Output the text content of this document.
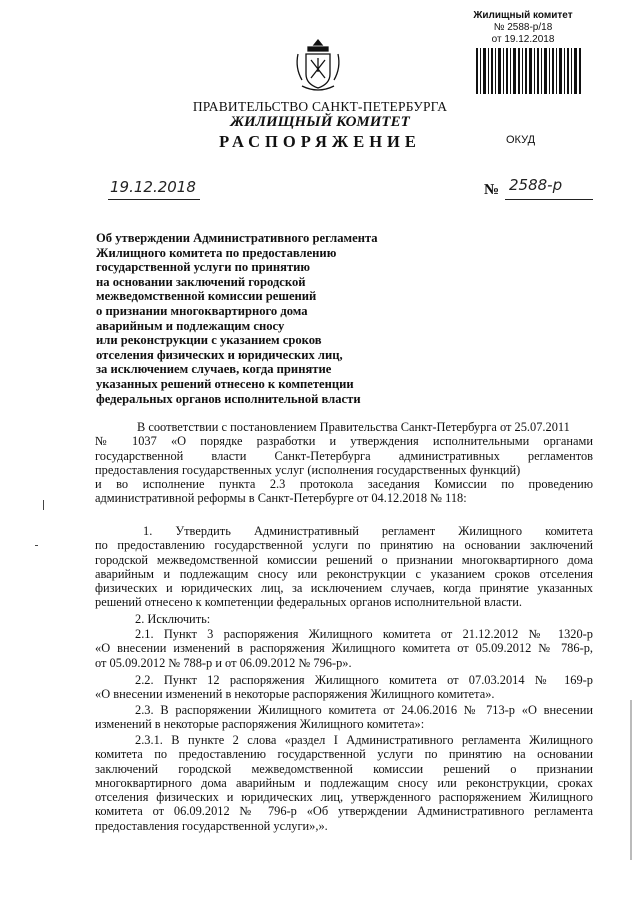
Жилищный комитет
№ 2588-р/18
от 19.12.2018
ПРАВИТЕЛЬСТВО САНКТ-ПЕТЕРБУРГА
ЖИЛИЩНЫЙ КОМИТЕТ
РАСПОРЯЖЕНИЕ	ОКУД
19.12.2018	№ 2588-р
Об утверждении Административного регламента
Жилищного комитета по предоставлению
государственной услуги по принятию
на основании заключений городской
межведомственной комиссии решений
о признании многоквартирного дома
аварийным и подлежащим сносу
или реконструкции с указанием сроков
отселения физических и юридических лиц,
за исключением случаев, когда принятие
указанных решений отнесено к компетенции
федеральных органов исполнительной власти
В соответствии с постановлением Правительства Санкт-Петербурга от 25.07.2011
№ 1037 «О порядке разработки и утверждения исполнительными органами
государственной власти Санкт-Петербурга административных регламентов
предоставления государственных услуг (исполнения государственных функций)
и во исполнение пункта 2.3 протокола заседания Комиссии по проведению
административной реформы в Санкт-Петербурге от 04.12.2018 № 118:
1. Утвердить Административный регламент Жилищного комитета
по предоставлению государственной услуги по принятию на основании заключений
городской межведомственной комиссии решений о признании многоквартирного дома
аварийным и подлежащим сносу или реконструкции с указанием сроков отселения
физических и юридических лиц, за исключением случаев, когда принятие указанных
решений отнесено к компетенции федеральных органов исполнительной власти.
2. Исключить:
2.1. Пункт 3 распоряжения Жилищного комитета от 21.12.2012 № 1320-р
«О внесении изменений в распоряжения Жилищного комитета от 05.09.2012 № 786-р,
от 05.09.2012 № 788-р и от 06.09.2012 № 796-р».
2.2. Пункт 12 распоряжения Жилищного комитета от 07.03.2014 № 169-р
«О внесении изменений в некоторые распоряжения Жилищного комитета».
2.3. В распоряжении Жилищного комитета от 24.06.2016 № 713-р «О внесении
изменений в некоторые распоряжения Жилищного комитета»:
2.3.1. В пункте 2 слова «раздел I Административного регламента Жилищного
комитета по предоставлению государственной услуги по принятию на основании
заключений городской межведомственной комиссии решений о признании
многоквартирного дома аварийным и подлежащим сносу или реконструкции, сроках
отселения физических и юридических лиц, утвержденного распоряжением Жилищного
комитета от 06.09.2012 № 796-р «Об утверждении Административного регламента
предоставления государственной услуги»,».
